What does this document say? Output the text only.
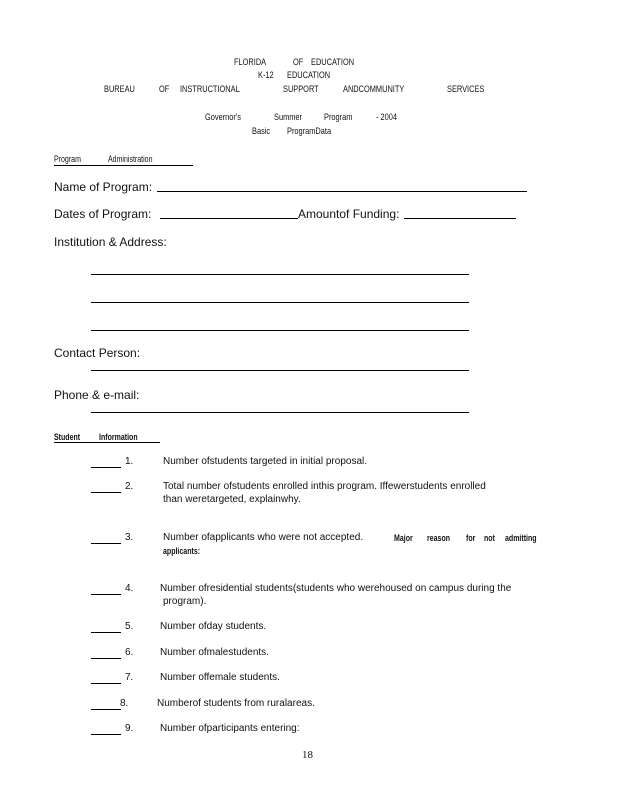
FLORIDA	OF EDUCATION
K-12 EDUCATION
BUREAU	OF INSTRUCTIONAL	SUPPORT	ANDCOMMUNITY	SERVICES
Governor's	Summer Program - 2004
Basic ProgramData
Program	Administration
Name of Program:
Dates of Program:	Amountof Funding:
Institution & Address:
Contact Person:
Phone & e-mail:
Student Information
1.	Number ofstudents targeted in initial proposal.
2.	Total number ofstudents enrolled inthis program. Iffewerstudents enrolled
than weretargeted, explainwhy.
3.	Number ofapplicants who were not accepted.	Major reason for not admitting
applicants:
4.	Number ofresidential students(students who werehoused on campus during the
program).
5.	Number ofday students.
6.	Number ofmalestudents.
7.	Number offemale students.
8.	Numberof students from ruralareas.
9.	Number ofparticipants entering:
18
